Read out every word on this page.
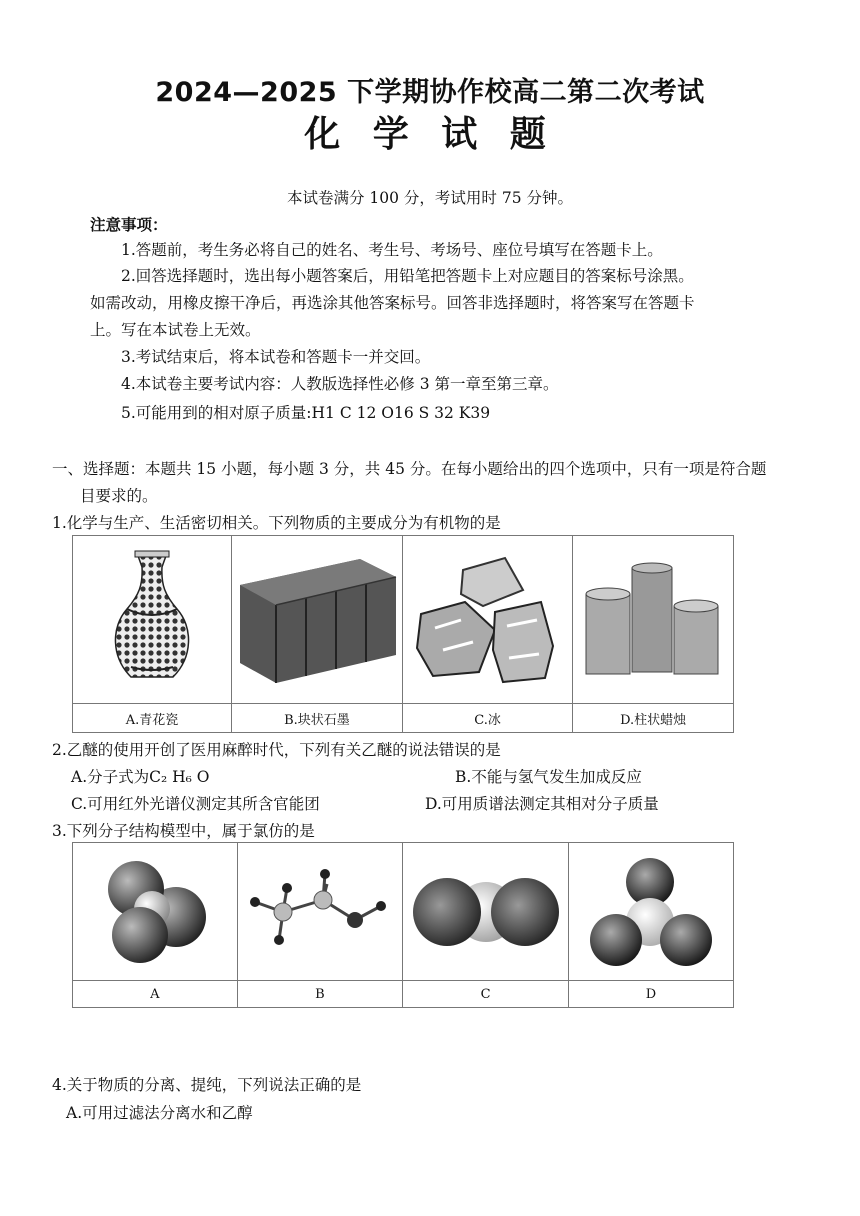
2024—2025 下学期协作校高二第二次考试
化 学 试 题
本试卷满分 100 分，考试用时 75 分钟。
注意事项：
1.答题前，考生务必将自己的姓名、考生号、考场号、座位号填写在答题卡上。
2.回答选择题时，选出每小题答案后，用铅笔把答题卡上对应题目的答案标号涂黑。
如需改动，用橡皮擦干净后，再选涂其他答案标号。回答非选择题时，将答案写在答题卡
上。写在本试卷上无效。
3.考试结束后，将本试卷和答题卡一并交回。
4.本试卷主要考试内容：人教版选择性必修 3 第一章至第三章。
5.可能用到的相对原子质量:H1 C 12 O16 S 32 K39
一、选择题：本题共 15 小题，每小题 3 分，共 45 分。在每小题给出的四个选项中，只有一项是符合题
目要求的。
1.化学与生产、生活密切相关。下列物质的主要成分为有机物的是

A.青花瓷	B.块状石墨	C.冰	D.柱状蜡烛
2.乙醚的使用开创了医用麻醉时代，下列有关乙醚的说法错误的是
A.分子式为C₂ H₆ O	B.不能与氢气发生加成反应
C.可用红外光谱仪测定其所含官能团	D.可用质谱法测定其相对分子质量
3.下列分子结构模型中，属于氯仿的是

A	B	C	D
4.关于物质的分离、提纯，下列说法正确的是
A.可用过滤法分离水和乙醇
